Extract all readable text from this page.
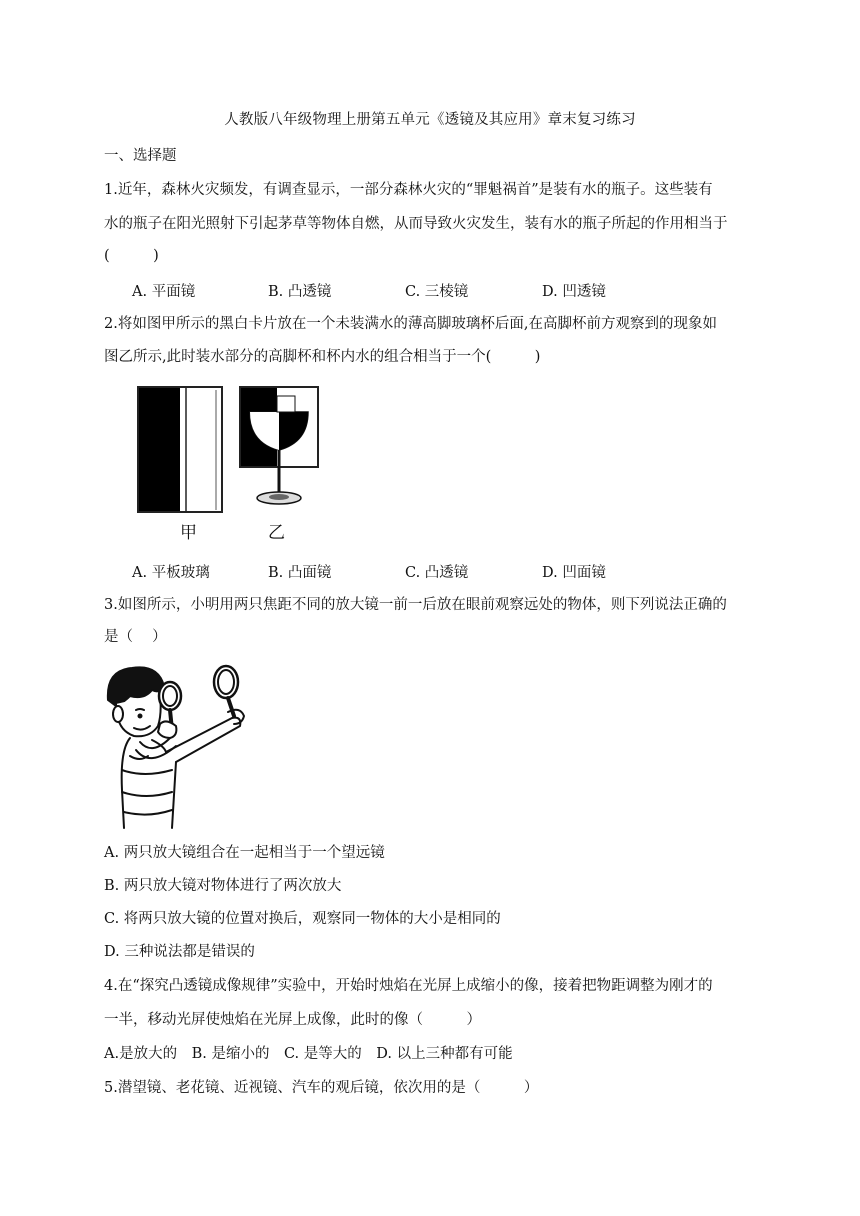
人教版八年级物理上册第五单元《透镜及其应用》章末复习练习
一、选择题
1.近年，森林火灾频发，有调查显示，一部分森林火灾的“罪魁祸首”是装有水的瓶子。这些装有
水的瓶子在阳光照射下引起茅草等物体自燃，从而导致火灾发生，装有水的瓶子所起的作用相当于
(　　　)
A. 平面镜	B. 凸透镜	C. 三棱镜	D. 凹透镜
2.将如图甲所示的黑白卡片放在一个未装满水的薄高脚玻璃杯后面,在高脚杯前方观察到的现象如
图乙所示,此时装水部分的高脚杯和杯内水的组合相当于一个(　　　)
甲	乙
A. 平板玻璃	B. 凸面镜	C. 凸透镜	D. 凹面镜
3.如图所示，小明用两只焦距不同的放大镜一前一后放在眼前观察远处的物体，则下列说法正确的
是（　 ）
A. 两只放大镜组合在一起相当于一个望远镜
B. 两只放大镜对物体进行了两次放大
C. 将两只放大镜的位置对换后，观察同一物体的大小是相同的
D. 三种说法都是错误的
4.在“探究凸透镜成像规律”实验中，开始时烛焰在光屏上成缩小的像，接着把物距调整为刚才的
一半，移动光屏使烛焰在光屏上成像，此时的像（　　　）
A.是放大的　B. 是缩小的　C. 是等大的　D. 以上三种都有可能
5.潜望镜、老花镜、近视镜、汽车的观后镜，依次用的是（　　　）
